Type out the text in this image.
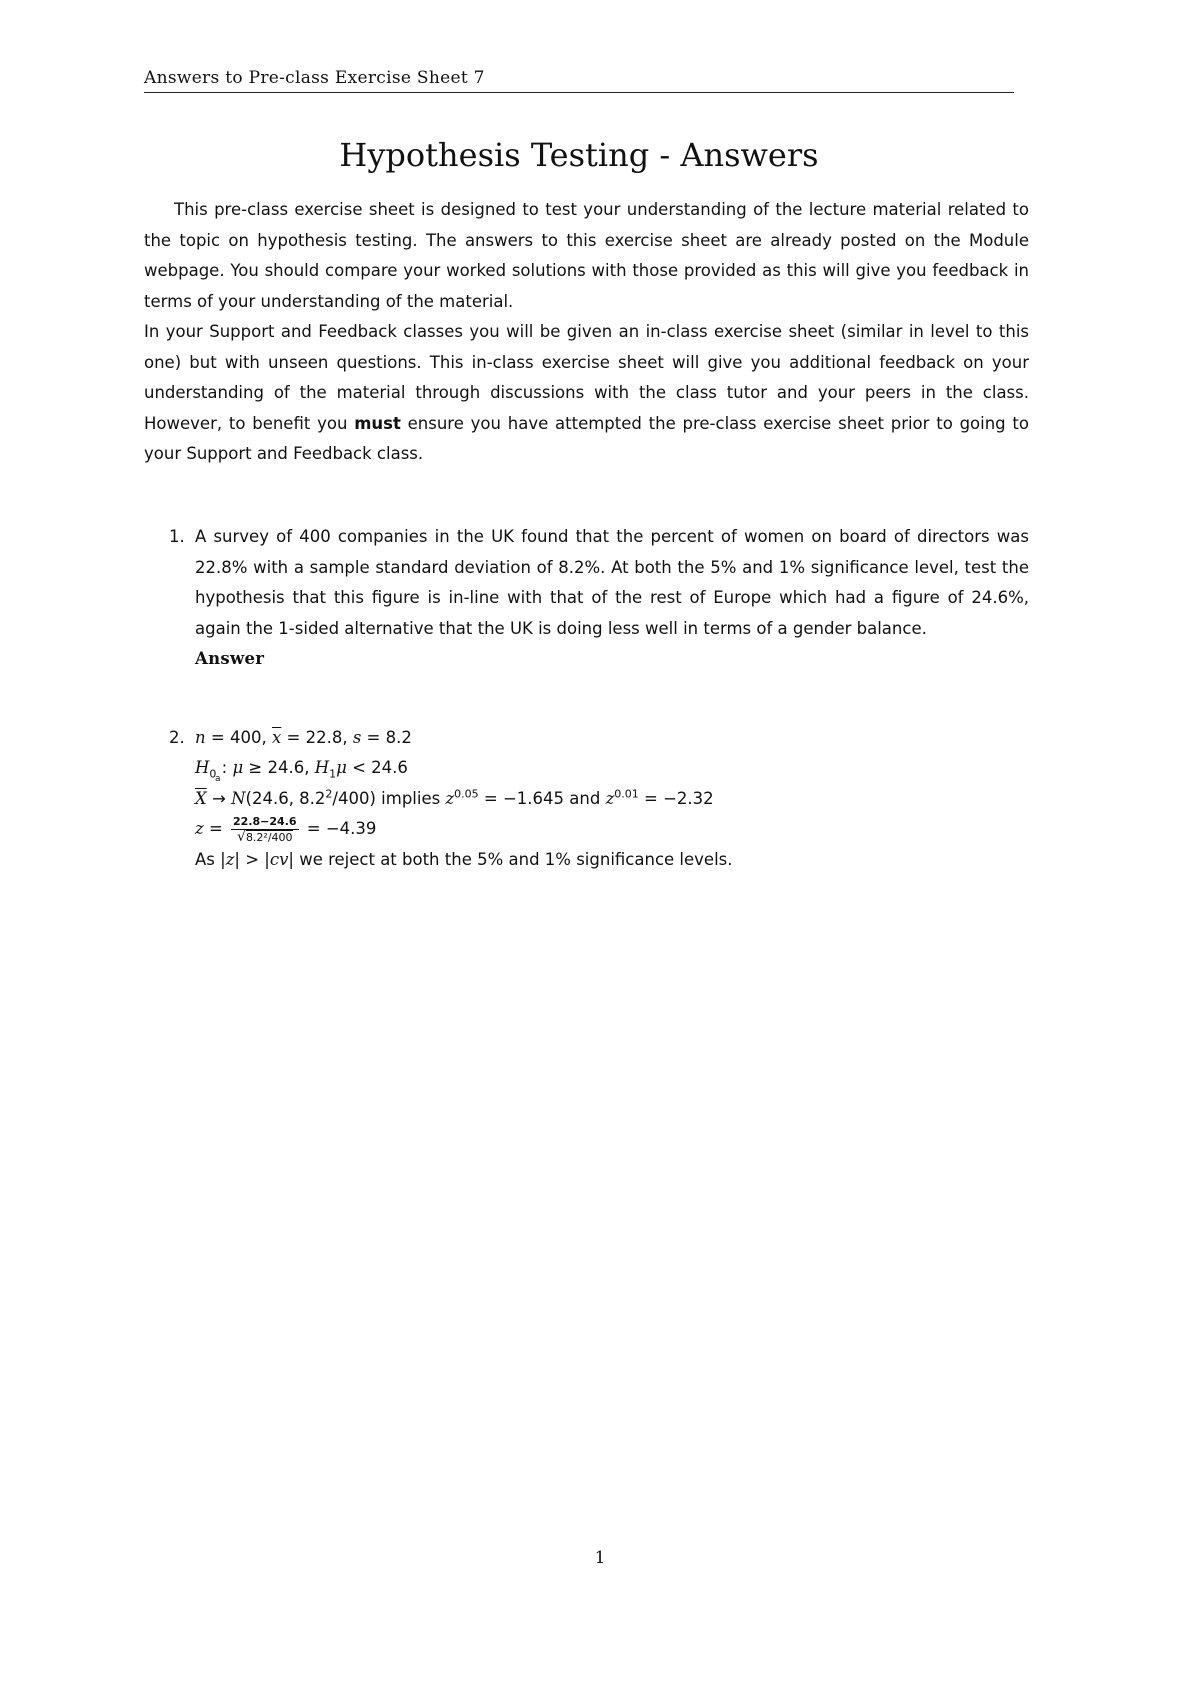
Answers to Pre-class Exercise Sheet 7
Hypothesis Testing - Answers

This pre-class exercise sheet is designed to test your understanding of the lecture material related to the topic on hypothesis testing. The answers to this exercise sheet are already posted on the Module webpage. You should compare your worked solutions with those provided as this will give you feedback in terms of your understanding of the material.

In your Support and Feedback classes you will be given an in-class exercise sheet (similar in level to this one) but with unseen questions. This in-class exercise sheet will give you additional feedback on your understanding of the material through discussions with the class tutor and your peers in the class. However, to benefit you must ensure you have attempted the pre-class exercise sheet prior to going to your Support and Feedback class.

1. A survey of 400 companies in the UK found that the percent of women on board of directors was 22.8% with a sample standard deviation of 8.2%. At both the 5% and 1% significance level, test the hypothesis that this figure is in-line with that of the rest of Europe which had a figure of 24.6%, again the 1-sided alternative that the UK is doing less well in terms of a gender balance.
Answer
2. n = 400, $\overline{x} = 22.8$, s = 8.2
$H_0$ : μ ≥ 24.6, $H_1\mu < 24.6$
$\overline{X}$
a
→ N(24.6, $8.2^2/400$) implies $z^{0.05} = -1.645$ and $z^{0.01} = -2.32$
$z = \frac{22.8-24.6}{\text{√8.2²/400}} = -4.39$
As |z| > |cv| we reject at both the 5% and 1% significance levels.
1
